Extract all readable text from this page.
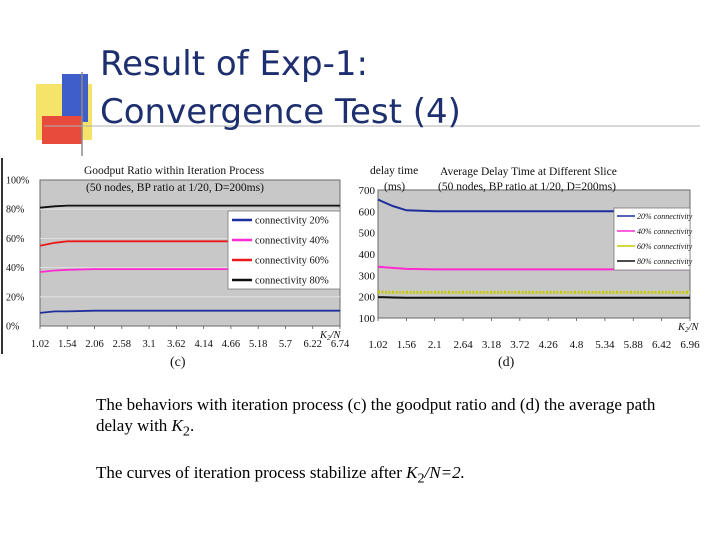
Result of Exp-1:
Convergence Test (4)
0%
20%
40%
60%
80%
100%
1.02 1.54 2.06 2.58 3.1 3.62 4.14 4.66 5.18 5.7 6.22 6.74
Goodput Ratio within Iteration Process
(50 nodes, BP ratio at 1/20, D=200ms)
K2/N
connectivity 20%
connectivity 40%
connectivity 60%
connectivity 80%
100
200
300
400
500
600
700
1.02 1.56 2.1 2.64 3.18 3.72 4.26 4.8 5.34 5.88 6.42 6.96
delay time
(ms)
Average Delay Time at Different Slice
(50 nodes, BP ratio at 1/20, D=200ms)
K2/N
20% connectivity
40% connectivity
60% connectivity
80% connectivity
(c)	(d)
The behaviors with iteration process (c) the goodput ratio and (d) the average path delay with $K_2$.
The curves of iteration process stabilize after $K_2/N=2$.
